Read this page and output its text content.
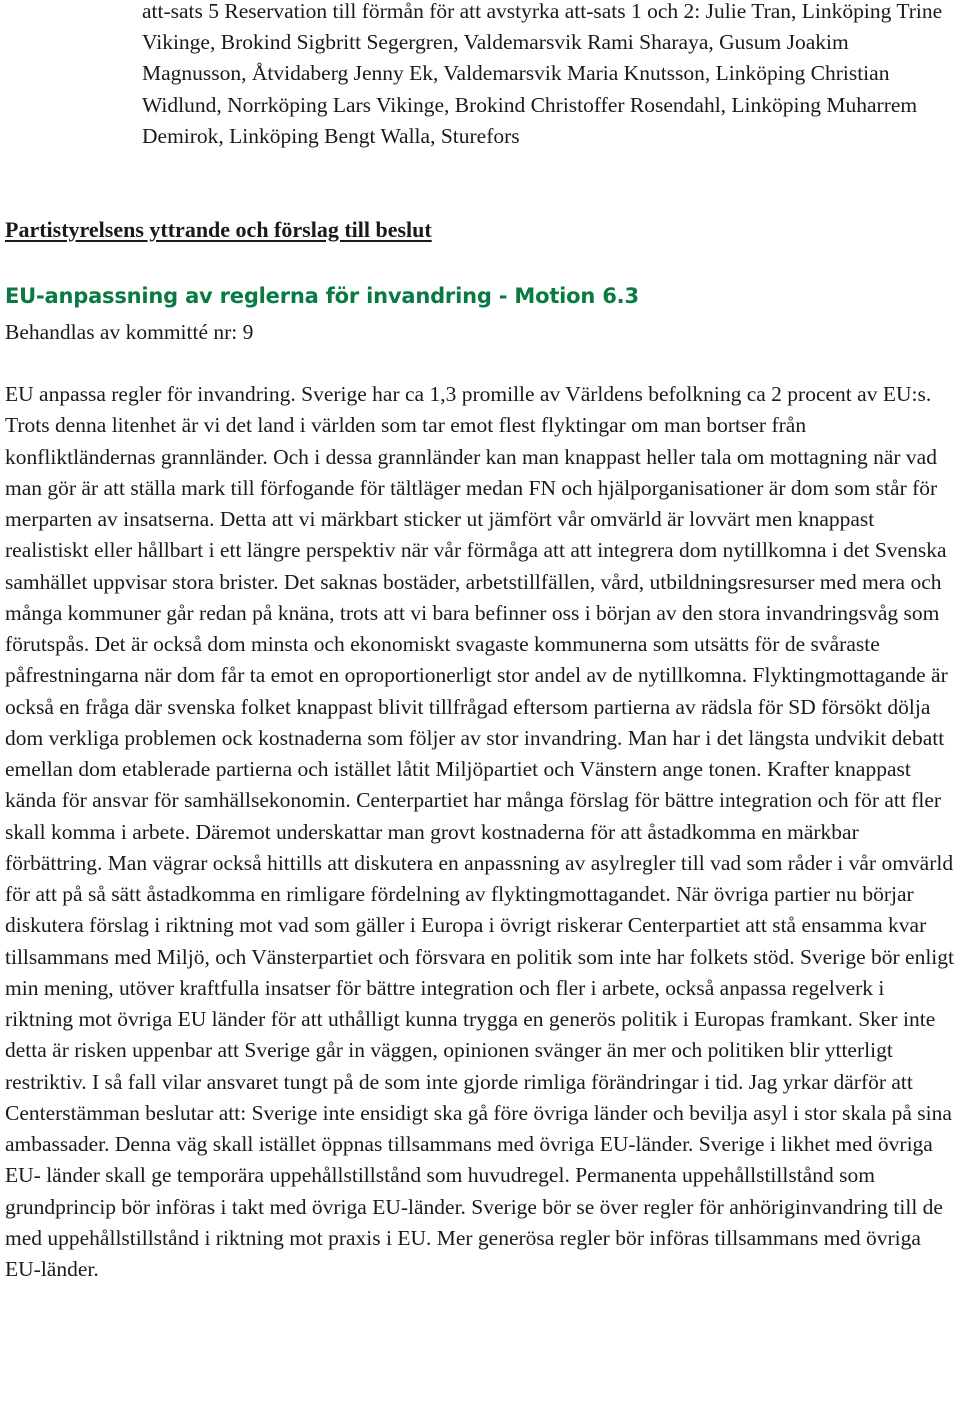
att-sats 5 Reservation till förmån för att avstyrka att-sats 1 och 2: Julie Tran, Linköping Trine Vikinge, Brokind Sigbritt Segergren, Valdemarsvik Rami Sharaya, Gusum Joakim Magnusson, Åtvidaberg Jenny Ek, Valdemarsvik Maria Knutsson, Linköping Christian Widlund, Norrköping Lars Vikinge, Brokind Christoffer Rosendahl, Linköping Muharrem Demirok, Linköping Bengt Walla, Sturefors

Partistyrelsens yttrande och förslag till beslut
EU-anpassning av reglerna för invandring - Motion 6.3

Behandlas av kommitté nr: 9

EU anpassa regler för invandring. Sverige har ca 1,3 promille av Världens befolkning ca 2 procent av EU:s. Trots denna litenhet är vi det land i världen som tar emot flest flyktingar om man bortser från konfliktländernas grannländer. Och i dessa grannländer kan man knappast heller tala om mottagning när vad man gör är att ställa mark till förfogande för tältläger medan FN och hjälporganisationer är dom som står för merparten av insatserna. Detta att vi märkbart sticker ut jämfört vår omvärld är lovvärt men knappast realistiskt eller hållbart i ett längre perspektiv när vår förmåga att att integrera dom nytillkomna i det Svenska samhället uppvisar stora brister. Det saknas bostäder, arbetstillfällen, vård, utbildningsresurser med mera och många kommuner går redan på knäna, trots att vi bara befinner oss i början av den stora invandringsvåg som förutspås. Det är också dom minsta och ekonomiskt svagaste kommunerna som utsätts för de svåraste påfrestningarna när dom får ta emot en oproportionerligt stor andel av de nytillkomna. Flyktingmottagande är också en fråga där svenska folket knappast blivit tillfrågad eftersom partierna av rädsla för SD försökt dölja dom verkliga problemen ock kostnaderna som följer av stor invandring. Man har i det längsta undvikit debatt emellan dom etablerade partierna och istället låtit Miljöpartiet och Vänstern ange tonen. Krafter knappast kända för ansvar för samhällsekonomin. Centerpartiet har många förslag för bättre integration och för att fler skall komma i arbete. Däremot underskattar man grovt kostnaderna för att åstadkomma en märkbar förbättring. Man vägrar också hittills att diskutera en anpassning av asylregler till vad som råder i vår omvärld för att på så sätt åstadkomma en rimligare fördelning av flyktingmottagandet. När övriga partier nu börjar diskutera förslag i riktning mot vad som gäller i Europa i övrigt riskerar Centerpartiet att stå ensamma kvar tillsammans med Miljö, och Vänsterpartiet och försvara en politik som inte har folkets stöd. Sverige bör enligt min mening, utöver kraftfulla insatser för bättre integration och fler i arbete, också anpassa regelverk i riktning mot övriga EU länder för att uthålligt kunna trygga en generös politik i Europas framkant. Sker inte detta är risken uppenbar att Sverige går in väggen, opinionen svänger än mer och politiken blir ytterligt restriktiv. I så fall vilar ansvaret tungt på de som inte gjorde rimliga förändringar i tid. Jag yrkar därför att Centerstämman beslutar att: Sverige inte ensidigt ska gå före övriga länder och bevilja asyl i stor skala på sina ambassader. Denna väg skall istället öppnas tillsammans med övriga EU-länder. Sverige i likhet med övriga EU- länder skall ge temporära uppehållstillstånd som huvudregel. Permanenta uppehållstillstånd som grundprincip bör införas i takt med övriga EU-länder. Sverige bör se över regler för anhöriginvandring till de med uppehållstillstånd i riktning mot praxis i EU. Mer generösa regler bör införas tillsammans med övriga EU-länder.
